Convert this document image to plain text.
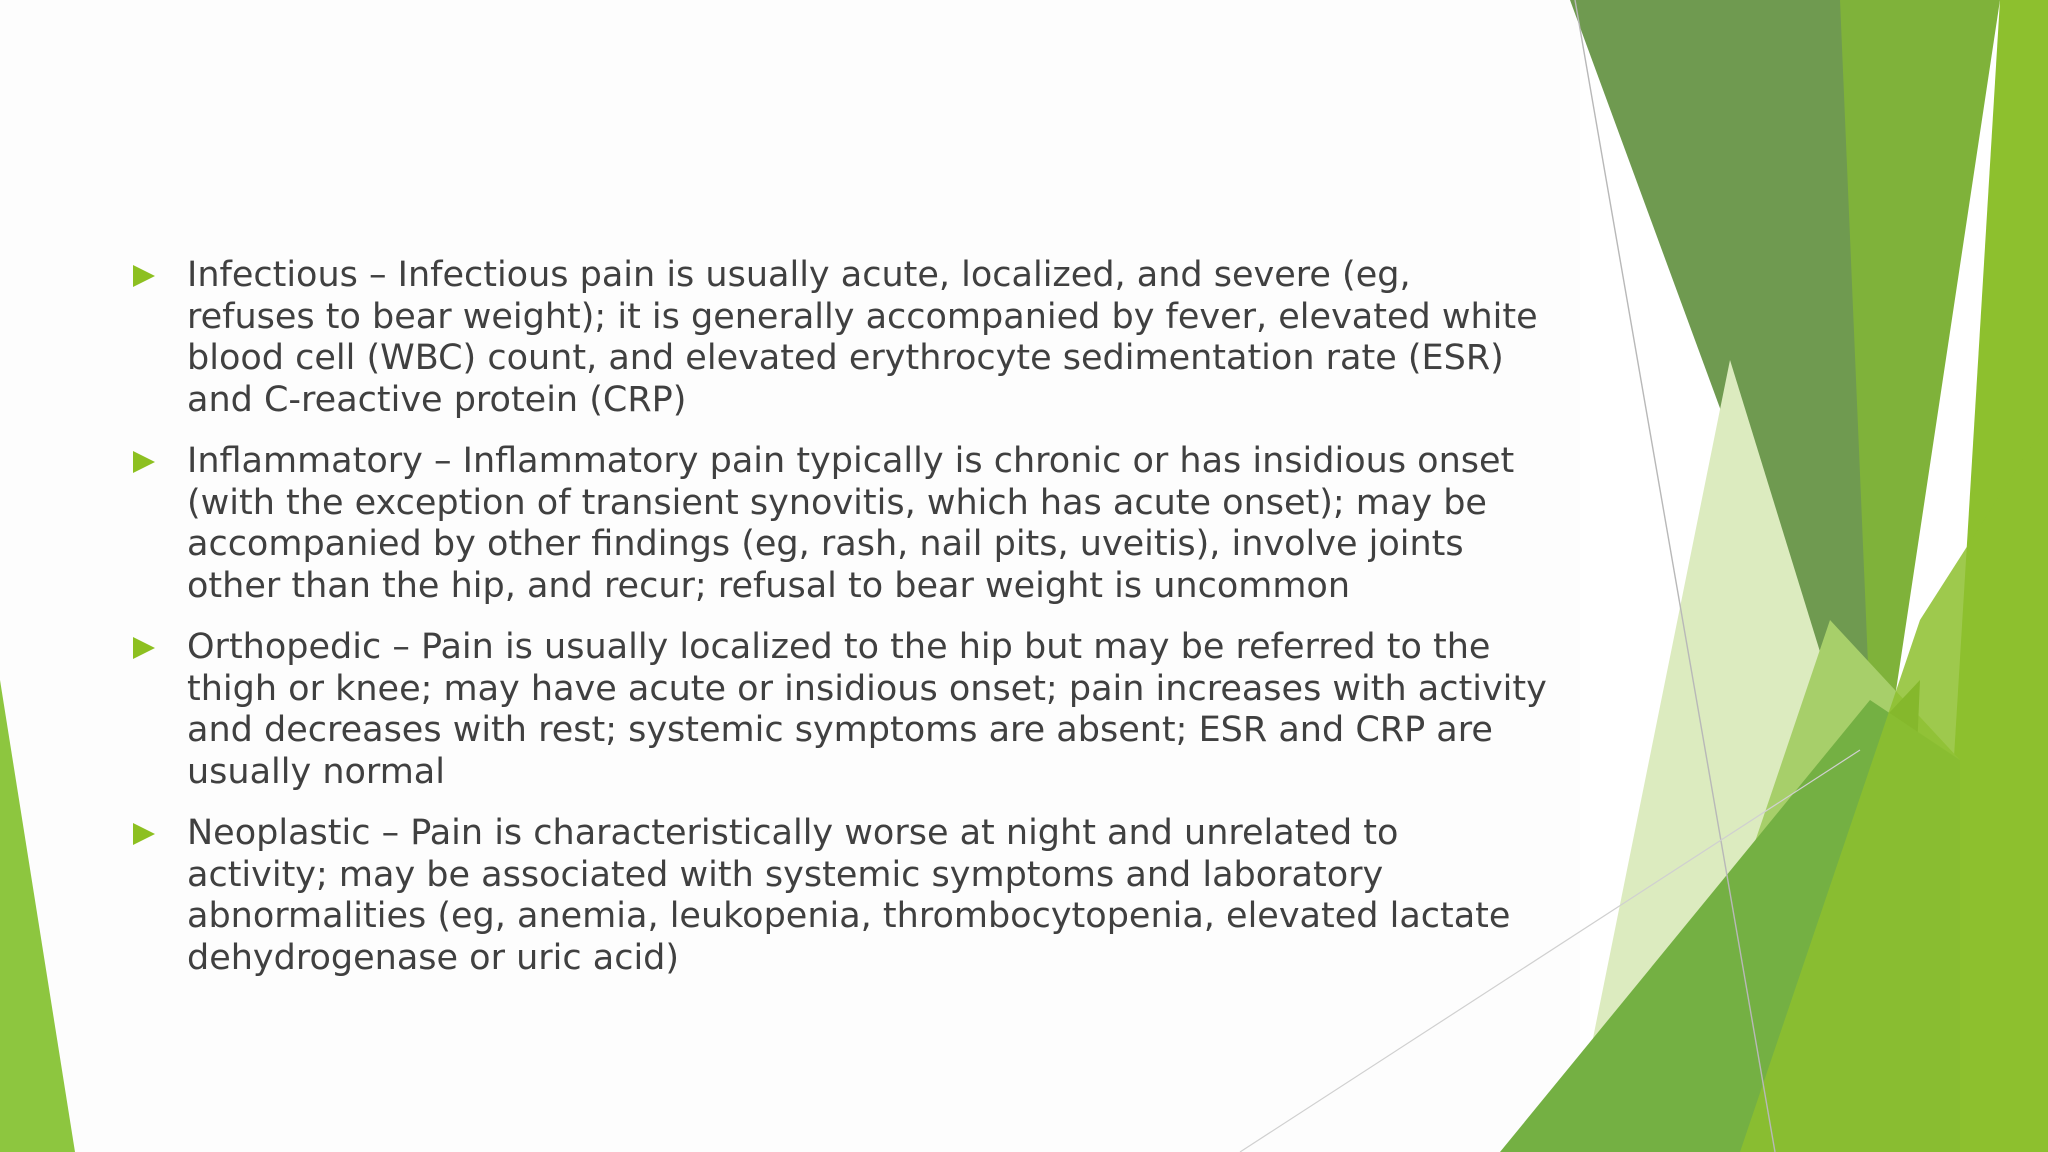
Infectious – Infectious pain is usually acute, localized, and severe (eg, refuses to bear weight); it is generally accompanied by fever, elevated white blood cell (WBC) count, and elevated erythrocyte sedimentation rate (ESR) and C-reactive protein (CRP)
Inflammatory – Inflammatory pain typically is chronic or has insidious onset (with the exception of transient synovitis, which has acute onset); may be accompanied by other findings (eg, rash, nail pits, uveitis), involve joints other than the hip, and recur; refusal to bear weight is uncommon
Orthopedic – Pain is usually localized to the hip but may be referred to the thigh or knee; may have acute or insidious onset; pain increases with activity and decreases with rest; systemic symptoms are absent; ESR and CRP are usually normal
Neoplastic – Pain is characteristically worse at night and unrelated to activity; may be associated with systemic symptoms and laboratory abnormalities (eg, anemia, leukopenia, thrombocytopenia, elevated lactate dehydrogenase or uric acid)
